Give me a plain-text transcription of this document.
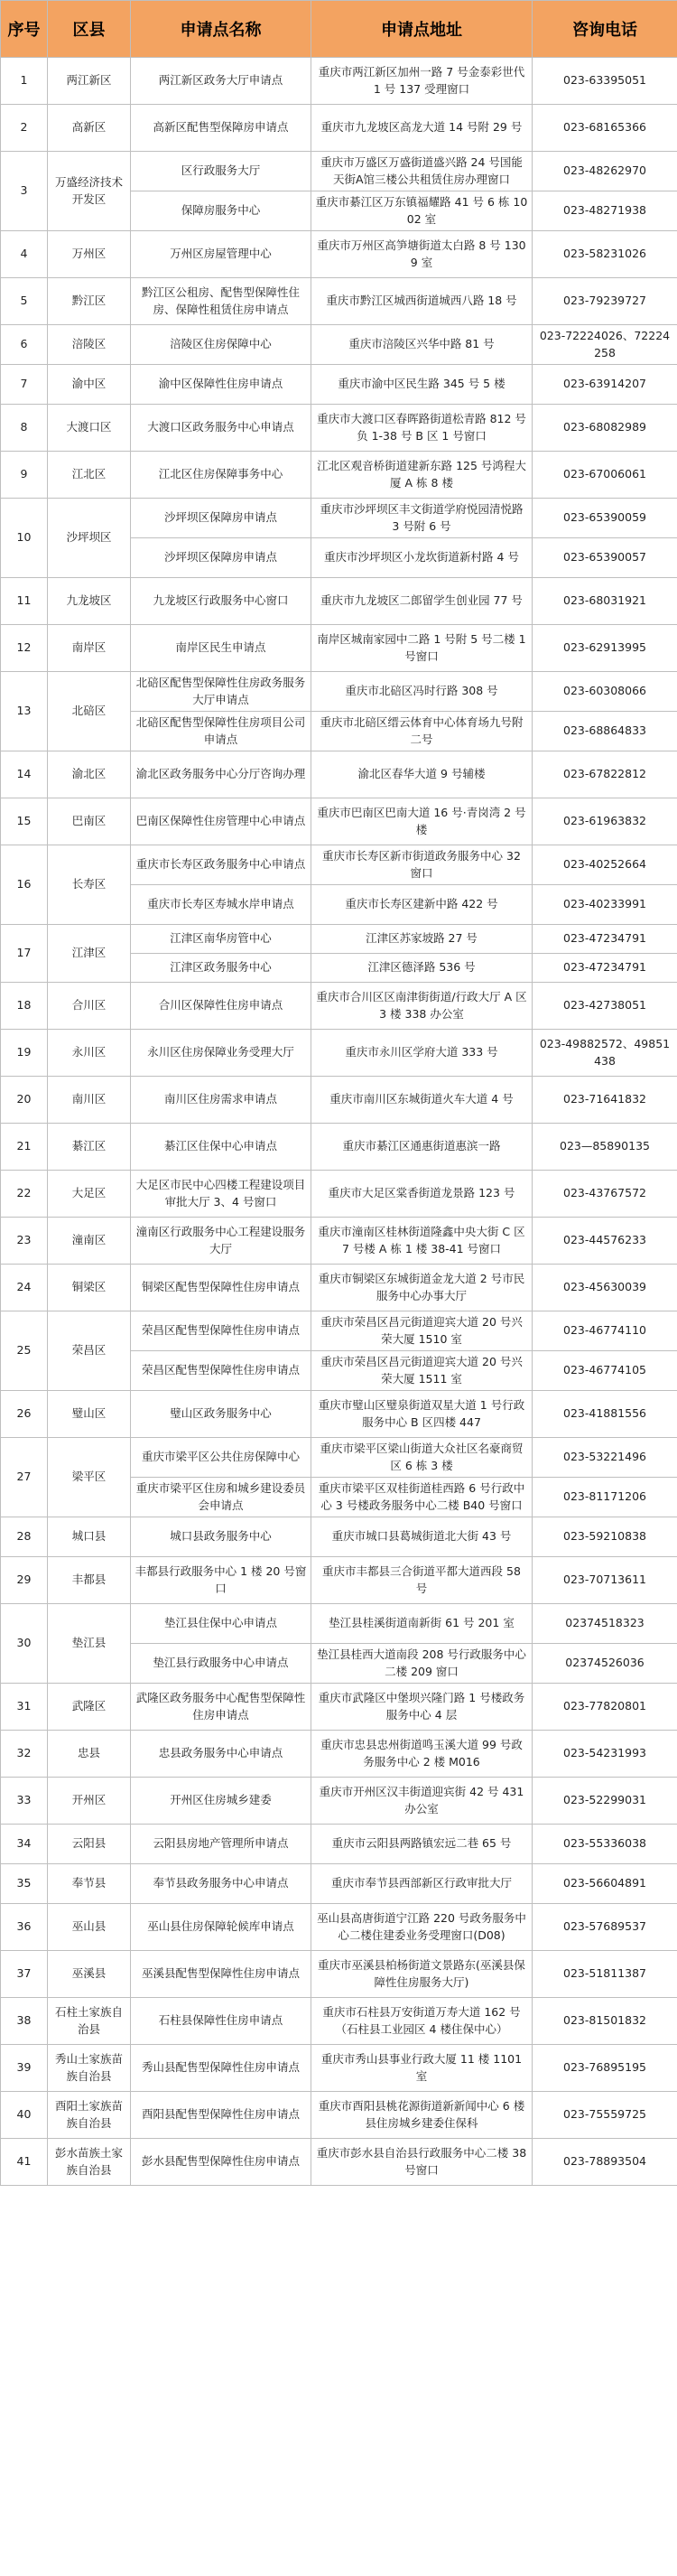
序号	区县	申请点名称	申请点地址	咨询电话
1	两江新区	两江新区政务大厅申请点	重庆市两江新区加州一路 7 号金泰彩世代 1 号 137 受理窗口	023-63395051
2	高新区	高新区配售型保障房申请点	重庆市九龙坡区高龙大道 14 号附 29 号	023-68165366
3	万盛经济技术开发区	区行政服务大厅	重庆市万盛区万盛街道盛兴路 24 号国能天街A馆三楼公共租赁住房办理窗口	023-48262970
		保障房服务中心	重庆市綦江区万东镇福耀路 41 号 6 栋 1002 室	023-48271938
4	万州区	万州区房屋管理中心	重庆市万州区高笋塘街道太白路 8 号 1309 室	023-58231026
5	黔江区	黔江区公租房、配售型保障性住房、保障性租赁住房申请点	重庆市黔江区城西街道城西八路 18 号	023-79239727
6	涪陵区	涪陵区住房保障中心	重庆市涪陵区兴华中路 81 号	023-72224026、72224258
7	渝中区	渝中区保障性住房申请点	重庆市渝中区民生路 345 号 5 楼	023-63914207
8	大渡口区	大渡口区政务服务中心申请点	重庆市大渡口区春晖路街道松青路 812 号负 1-38 号 B 区 1 号窗口	023-68082989
9	江北区	江北区住房保障事务中心	江北区观音桥街道建新东路 125 号鸿程大厦 A 栋 8 楼	023-67006061
10	沙坪坝区	沙坪坝区保障房申请点	重庆市沙坪坝区丰文街道学府悦园清悦路 3 号附 6 号	023-65390059
		沙坪坝区保障房申请点	重庆市沙坪坝区小龙坎街道新村路 4 号	023-65390057
11	九龙坡区	九龙坡区行政服务中心窗口	重庆市九龙坡区二郎留学生创业园 77 号	023-68031921
12	南岸区	南岸区民生申请点	南岸区城南家园中二路 1 号附 5 号二楼 1 号窗口	023-62913995
13	北碚区	北碚区配售型保障性住房政务服务大厅申请点	重庆市北碚区冯时行路 308 号	023-60308066
		北碚区配售型保障性住房项目公司申请点	重庆市北碚区缙云体育中心体育场九号附二号	023-68864833
14	渝北区	渝北区政务服务中心分厅咨询办理	渝北区春华大道 9 号辅楼	023-67822812
15	巴南区	巴南区保障性住房管理中心申请点	重庆市巴南区巴南大道 16 号·青岗湾 2 号楼	023-61963832
16	长寿区	重庆市长寿区政务服务中心申请点	重庆市长寿区新市街道政务服务中心 32 窗口	023-40252664
		重庆市长寿区寿城水岸申请点	重庆市长寿区建新中路 422 号	023-40233991
17	江津区	江津区南华房管中心	江津区苏家坡路 27 号	023-47234791
		江津区政务服务中心	江津区德泽路 536 号	023-47234791
18	合川区	合川区保障性住房申请点	重庆市合川区区南津街街道/行政大厅 A 区 3 楼 338 办公室	023-42738051
19	永川区	永川区住房保障业务受理大厅	重庆市永川区学府大道 333 号	023-49882572、49851438
20	南川区	南川区住房需求申请点	重庆市南川区东城街道火车大道 4 号	023-71641832
21	綦江区	綦江区住保中心申请点	重庆市綦江区通惠街道惠滨一路	023—85890135
22	大足区	大足区市民中心四楼工程建设项目审批大厅 3、4 号窗口	重庆市大足区棠香街道龙景路 123 号	023-43767572
23	潼南区	潼南区行政服务中心工程建设服务大厅	重庆市潼南区桂林街道隆鑫中央大街 C 区 7 号楼 A 栋 1 楼 38-41 号窗口	023-44576233
24	铜梁区	铜梁区配售型保障性住房申请点	重庆市铜梁区东城街道金龙大道 2 号市民服务中心办事大厅	023-45630039
25	荣昌区	荣昌区配售型保障性住房申请点	重庆市荣昌区昌元街道迎宾大道 20 号兴荣大厦 1510 室	023-46774110
		荣昌区配售型保障性住房申请点	重庆市荣昌区昌元街道迎宾大道 20 号兴荣大厦 1511 室	023-46774105
26	璧山区	璧山区政务服务中心	重庆市璧山区璧泉街道双星大道 1 号行政服务中心 B 区四楼 447	023-41881556
27	梁平区	重庆市梁平区公共住房保障中心	重庆市梁平区梁山街道大众社区名豪商贸区 6 栋 3 楼	023-53221496
		重庆市梁平区住房和城乡建设委员会申请点	重庆市梁平区双桂街道桂西路 6 号行政中心 3 号楼政务服务中心二楼 B40 号窗口	023-81171206
28	城口县	城口县政务服务中心	重庆市城口县葛城街道北大街 43 号	023-59210838
29	丰都县	丰都县行政服务中心 1 楼 20 号窗口	重庆市丰都县三合街道平都大道西段 58 号	023-70713611
30	垫江县	垫江县住保中心申请点	垫江县桂溪街道南新街 61 号 201 室	02374518323
		垫江县行政服务中心申请点	垫江县桂西大道南段 208 号行政服务中心二楼 209 窗口	02374526036
31	武隆区	武隆区政务服务中心配售型保障性住房申请点	重庆市武隆区中堡坝兴隆门路 1 号楼政务服务中心 4 层	023-77820801
32	忠县	忠县政务服务中心申请点	重庆市忠县忠州街道鸣玉溪大道 99 号政务服务中心 2 楼 M016	023-54231993
33	开州区	开州区住房城乡建委	重庆市开州区汉丰街道迎宾街 42 号 431 办公室	023-52299031
34	云阳县	云阳县房地产管理所申请点	重庆市云阳县两路镇宏远二巷 65 号	023-55336038
35	奉节县	奉节县政务服务中心申请点	重庆市奉节县西部新区行政审批大厅	023-56604891
36	巫山县	巫山县住房保障轮候库申请点	巫山县高唐街道宁江路 220 号政务服务中心二楼住建委业务受理窗口(D08)	023-57689537
37	巫溪县	巫溪县配售型保障性住房申请点	重庆市巫溪县柏杨街道文景路东(巫溪县保障性住房服务大厅)	023-51811387
38	石柱土家族自治县	石柱县保障性住房申请点	重庆市石柱县万安街道万寿大道 162 号（石柱县工业园区 4 楼住保中心）	023-81501832
39	秀山土家族苗族自治县	秀山县配售型保障性住房申请点	重庆市秀山县事业行政大厦 11 楼 1101 室	023-76895195
40	酉阳土家族苗族自治县	酉阳县配售型保障性住房申请点	重庆市酉阳县桃花源街道新新闻中心 6 楼县住房城乡建委住保科	023-75559725
41	彭水苗族土家族自治县	彭水县配售型保障性住房申请点	重庆市彭水县自治县行政服务中心二楼 38 号窗口	023-78893504
